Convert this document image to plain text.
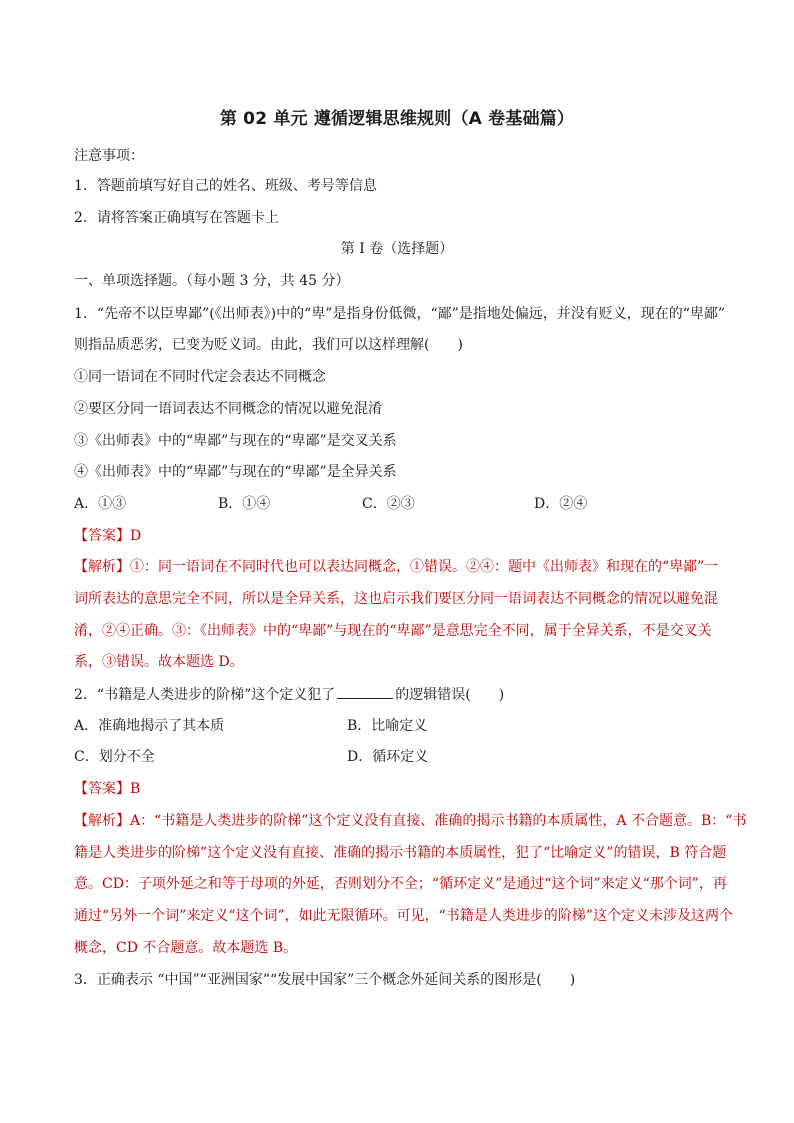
第 02 单元 遵循逻辑思维规则（A 卷基础篇）
注意事项：
1．答题前填写好自己的姓名、班级、考号等信息
2．请将答案正确填写在答题卡上
第 I 卷（选择题）
一、单项选择题。（每小题 3 分，共 45 分）
1．“先帝不以臣卑鄙”(《出师表》)中的“卑”是指身份低微，“鄙”是指地处偏远，并没有贬义，现在的“卑鄙”
则指品质恶劣，已变为贬义词。由此，我们可以这样理解(　　)
①同一语词在不同时代定会表达不同概念
②要区分同一语词表达不同概念的情况以避免混淆
③《出师表》中的“卑鄙”与现在的“卑鄙”是交叉关系
④《出师表》中的“卑鄙”与现在的“卑鄙”是全异关系
A．①③	B．①④	C．②③	D．②④
【答案】D
【解析】①：同一语词在不同时代也可以表达同概念，①错误。②④：题中《出师表》和现在的“卑鄙”一
词所表达的意思完全不同，所以是全异关系，这也启示我们要区分同一语词表达不同概念的情况以避免混
淆，②④正确。③：《出师表》中的“卑鄙”与现在的“卑鄙”是意思完全不同，属于全异关系，不是交叉关
系，③错误。故本题选 D。
2．“书籍是人类进步的阶梯”这个定义犯了	的逻辑错误(　　)
A．准确地揭示了其本质	B．比喻定义
C．划分不全	D．循环定义
【答案】B
【解析】A：“书籍是人类进步的阶梯”这个定义没有直接、准确的揭示书籍的本质属性，A 不合题意。B：“书
籍是人类进步的阶梯”这个定义没有直接、准确的揭示书籍的本质属性，犯了“比喻定义”的错误，B 符合题
意。CD：子项外延之和等于母项的外延，否则划分不全；“循环定义”是通过“这个词”来定义“那个词”，再
通过“另外一个词”来定义“这个词”，如此无限循环。可见，“书籍是人类进步的阶梯”这个定义未涉及这两个
概念，CD 不合题意。故本题选 B。
3．正确表示 “中国”“亚洲国家”“发展中国家”三个概念外延间关系的图形是(　　)
